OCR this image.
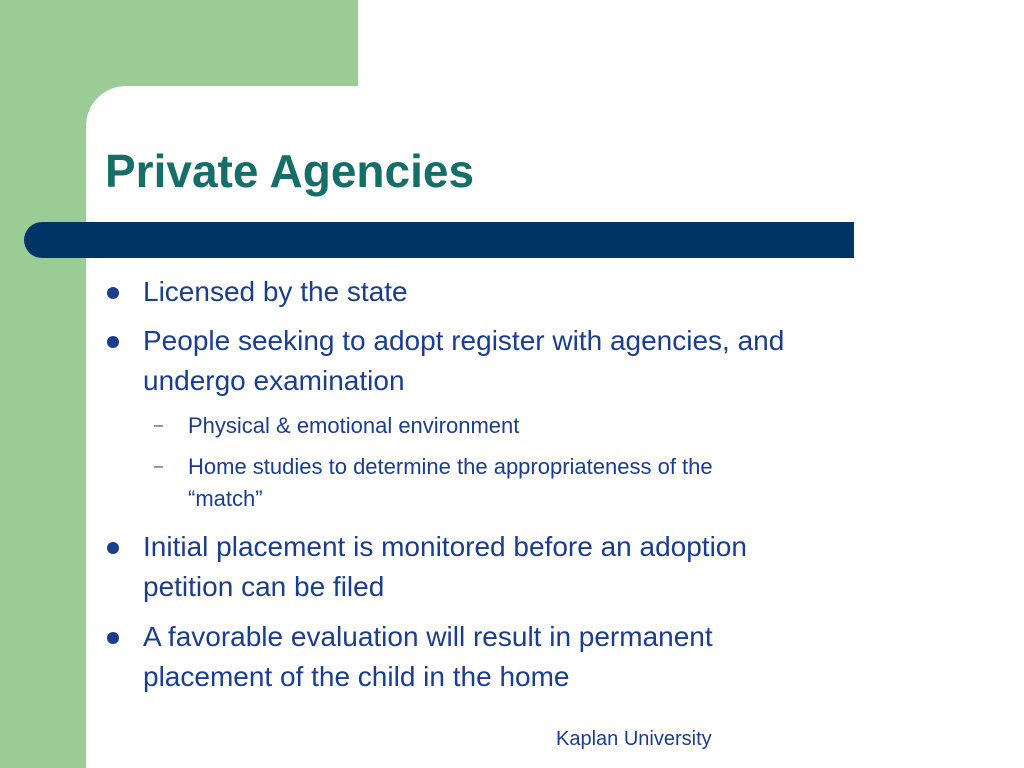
Private Agencies
Licensed by the state
People seeking to adopt register with agencies, and
undergo examination
– Physical & emotional environment
– Home studies to determine the appropriateness of the
“match”
Initial placement is monitored before an adoption
petition can be filed
A favorable evaluation will result in permanent
placement of the child in the home
Kaplan University
